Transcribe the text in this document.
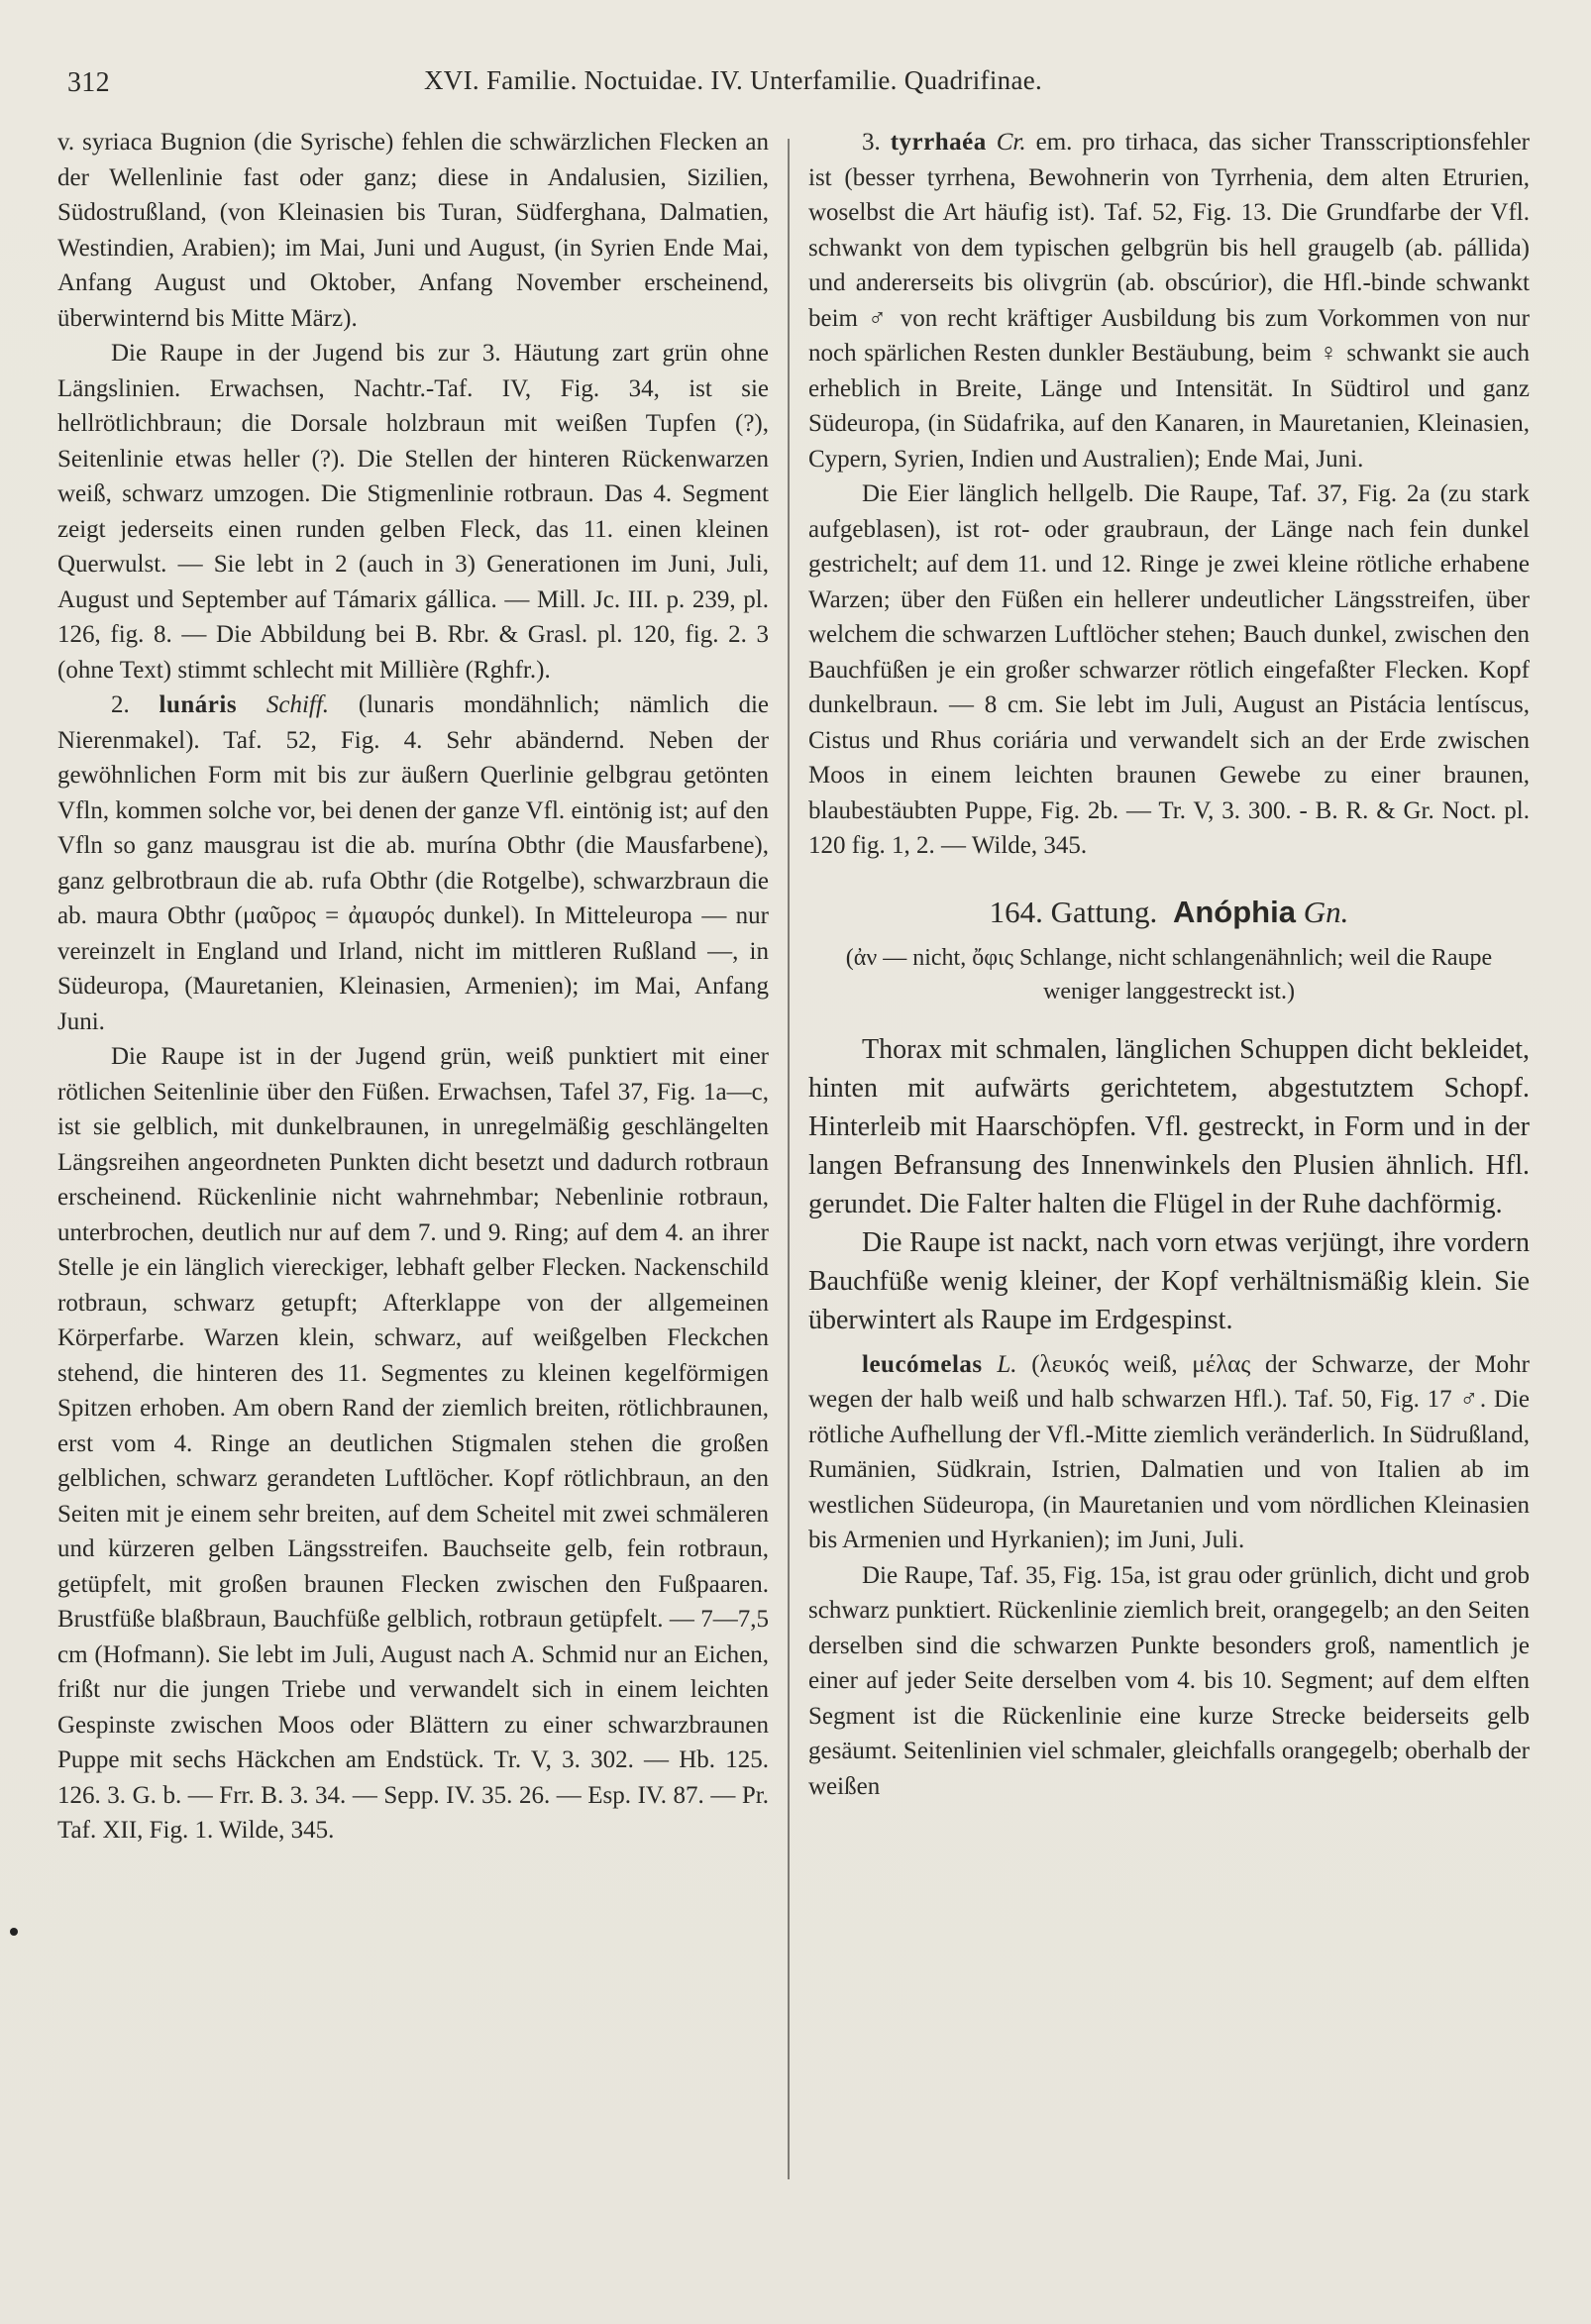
312	XVI. Familie. Noctuidae. IV. Unterfamilie. Quadrifinae.

v. syriaca Bugnion (die Syrische) fehlen die schwärzlichen Flecken an der Wellenlinie fast oder ganz; diese in Andalusien, Sizilien, Südostrußland, (von Kleinasien bis Turan, Südferghana, Dalmatien, Westindien, Arabien); im Mai, Juni und August, (in Syrien Ende Mai, Anfang August und Oktober, Anfang November erscheinend, überwinternd bis Mitte März).

Die Raupe in der Jugend bis zur 3. Häutung zart grün ohne Längslinien. Erwachsen, Nachtr.-Taf. IV, Fig. 34, ist sie hellrötlichbraun; die Dorsale holzbraun mit weißen Tupfen (?), Seitenlinie etwas heller (?). Die Stellen der hinteren Rückenwarzen weiß, schwarz umzogen. Die Stigmenlinie rotbraun. Das 4. Segment zeigt jederseits einen runden gelben Fleck, das 11. einen kleinen Querwulst. — Sie lebt in 2 (auch in 3) Generationen im Juni, Juli, August und September auf Támarix gállica. — Mill. Jc. III. p. 239, pl. 126, fig. 8. — Die Abbildung bei B. Rbr. & Grasl. pl. 120, fig. 2. 3 (ohne Text) stimmt schlecht mit Millière (Rghfr.).

2. lunáris Schiff. (lunaris mondähnlich; nämlich die Nierenmakel). Taf. 52, Fig. 4. Sehr abändernd. Neben der gewöhnlichen Form mit bis zur äußern Querlinie gelbgrau getönten Vfln, kommen solche vor, bei denen der ganze Vfl. eintönig ist; auf den Vfln so ganz mausgrau ist die ab. murína Obthr (die Mausfarbene), ganz gelbrotbraun die ab. rufa Obthr (die Rotgelbe), schwarzbraun die ab. maura Obthr (μαῦρος = ἀμαυρός dunkel). In Mitteleuropa — nur vereinzelt in England und Irland, nicht im mittleren Rußland —, in Südeuropa, (Mauretanien, Kleinasien, Armenien); im Mai, Anfang Juni.

Die Raupe ist in der Jugend grün, weiß punktiert mit einer rötlichen Seitenlinie über den Füßen. Erwachsen, Tafel 37, Fig. 1a—c, ist sie gelblich, mit dunkelbraunen, in unregelmäßig geschlängelten Längsreihen angeordneten Punkten dicht besetzt und dadurch rotbraun erscheinend. Rückenlinie nicht wahrnehmbar; Nebenlinie rotbraun, unterbrochen, deutlich nur auf dem 7. und 9. Ring; auf dem 4. an ihrer Stelle je ein länglich viereckiger, lebhaft gelber Flecken. Nackenschild rotbraun, schwarz getupft; Afterklappe von der allgemeinen Körperfarbe. Warzen klein, schwarz, auf weißgelben Fleckchen stehend, die hinteren des 11. Segmentes zu kleinen kegelförmigen Spitzen erhoben. Am obern Rand der ziemlich breiten, rötlichbraunen, erst vom 4. Ringe an deutlichen Stigmalen stehen die großen gelblichen, schwarz gerandeten Luftlöcher. Kopf rötlichbraun, an den Seiten mit je einem sehr breiten, auf dem Scheitel mit zwei schmäleren und kürzeren gelben Längsstreifen. Bauchseite gelb, fein rotbraun, getüpfelt, mit großen braunen Flecken zwischen den Fußpaaren. Brustfüße blaßbraun, Bauchfüße gelblich, rotbraun getüpfelt. — 7—7,5 cm (Hofmann). Sie lebt im Juli, August nach A. Schmid nur an Eichen, frißt nur die jungen Triebe und verwandelt sich in einem leichten Gespinste zwischen Moos oder Blättern zu einer schwarzbraunen Puppe mit sechs Häckchen am Endstück. Tr. V, 3. 302. — Hb. 125. 126. 3. G. b. — Frr. B. 3. 34. — Sepp. IV. 35. 26. — Esp. IV. 87. — Pr. Taf. XII, Fig. 1. Wilde, 345.

3. tyrrhaéa Cr. em. pro tirhaca, das sicher Transscriptionsfehler ist (besser tyrrhena, Bewohnerin von Tyrrhenia, dem alten Etrurien, woselbst die Art häufig ist). Taf. 52, Fig. 13. Die Grundfarbe der Vfl. schwankt von dem typischen gelbgrün bis hell graugelb (ab. pállida) und andererseits bis olivgrün (ab. obscúrior), die Hfl.-binde schwankt beim ♂ von recht kräftiger Ausbildung bis zum Vorkommen von nur noch spärlichen Resten dunkler Bestäubung, beim ♀ schwankt sie auch erheblich in Breite, Länge und Intensität. In Südtirol und ganz Südeuropa, (in Südafrika, auf den Kanaren, in Mauretanien, Kleinasien, Cypern, Syrien, Indien und Australien); Ende Mai, Juni.

Die Eier länglich hellgelb. Die Raupe, Taf. 37, Fig. 2a (zu stark aufgeblasen), ist rot- oder graubraun, der Länge nach fein dunkel gestrichelt; auf dem 11. und 12. Ringe je zwei kleine rötliche erhabene Warzen; über den Füßen ein hellerer undeutlicher Längsstreifen, über welchem die schwarzen Luftlöcher stehen; Bauch dunkel, zwischen den Bauchfüßen je ein großer schwarzer rötlich eingefaßter Flecken. Kopf dunkelbraun. — 8 cm. Sie lebt im Juli, August an Pistácia lentíscus, Cistus und Rhus coriária und verwandelt sich an der Erde zwischen Moos in einem leichten braunen Gewebe zu einer braunen, blaubestäubten Puppe, Fig. 2b. — Tr. V, 3. 300. - B. R. & Gr. Noct. pl. 120 fig. 1, 2. — Wilde, 345.

164. Gattung. Anóphia Gn.
(ἀν — nicht, ὄφις Schlange, nicht schlangenähnlich; weil die Raupe weniger langgestreckt ist.)

Thorax mit schmalen, länglichen Schuppen dicht bekleidet, hinten mit aufwärts gerichtetem, abgestutztem Schopf. Hinterleib mit Haarschöpfen. Vfl. gestreckt, in Form und in der langen Befransung des Innenwinkels den Plusien ähnlich. Hfl. gerundet. Die Falter halten die Flügel in der Ruhe dachförmig.

Die Raupe ist nackt, nach vorn etwas verjüngt, ihre vordern Bauchfüße wenig kleiner, der Kopf verhältnismäßig klein. Sie überwintert als Raupe im Erdgespinst.

leucómelas L. (λευκός weiß, μέλας der Schwarze, der Mohr wegen der halb weiß und halb schwarzen Hfl.). Taf. 50, Fig. 17 ♂. Die rötliche Aufhellung der Vfl.-Mitte ziemlich veränderlich. In Südrußland, Rumänien, Südkrain, Istrien, Dalmatien und von Italien ab im westlichen Südeuropa, (in Mauretanien und vom nördlichen Kleinasien bis Armenien und Hyrkanien); im Juni, Juli.

Die Raupe, Taf. 35, Fig. 15a, ist grau oder grünlich, dicht und grob schwarz punktiert. Rückenlinie ziemlich breit, orangegelb; an den Seiten derselben sind die schwarzen Punkte besonders groß, namentlich je einer auf jeder Seite derselben vom 4. bis 10. Segment; auf dem elften Segment ist die Rückenlinie eine kurze Strecke beiderseits gelb gesäumt. Seitenlinien viel schmaler, gleichfalls orangegelb; oberhalb der weißen
